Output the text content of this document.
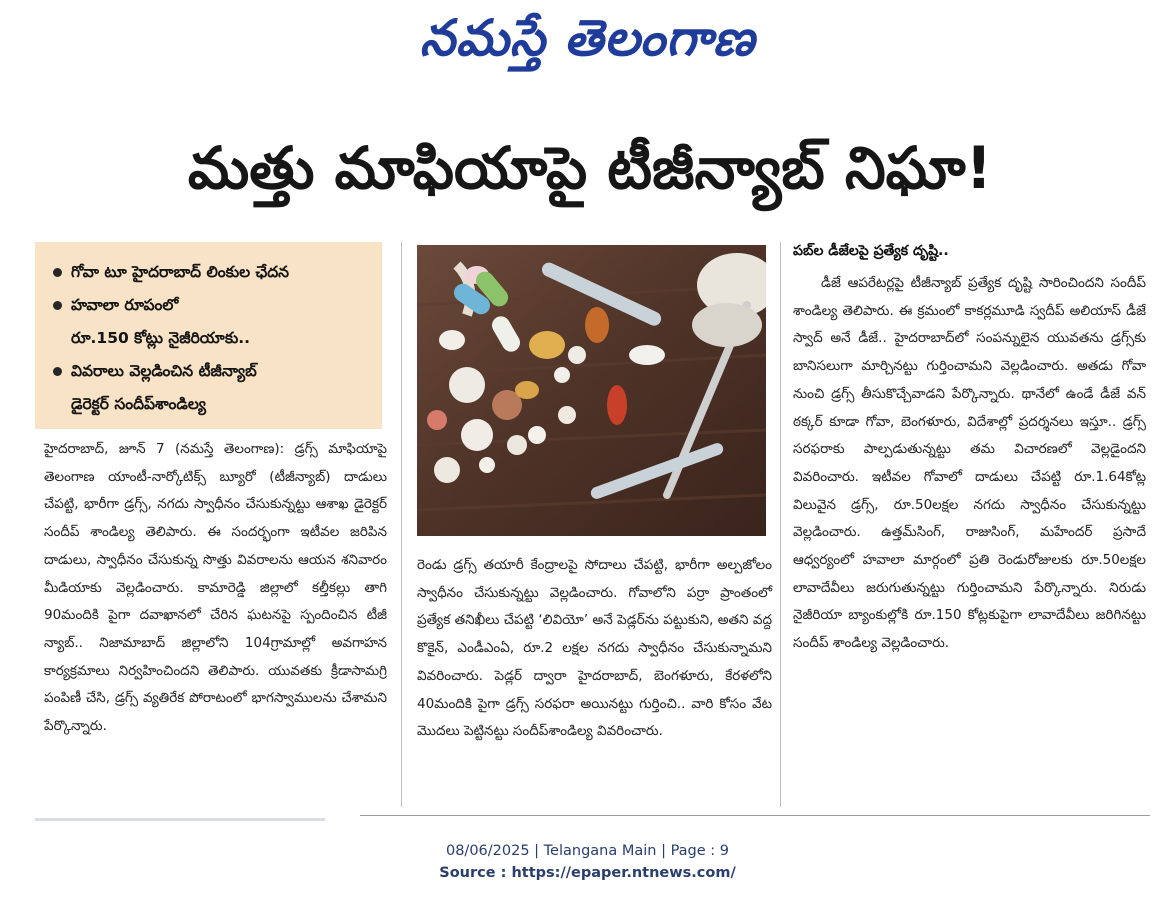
నమస్తే తెలంగాణ
మత్తు మాఫియాపై టీజీన్యాబ్ నిఘా!
గోవా టూ హైదరాబాద్ లింకుల ఛేదన
హవాలా రూపంలో
రూ.150 కోట్లు నైజీరియాకు..
వివరాలు వెల్లడించిన టీజీన్యాబ్
డైరెక్టర్ సందీప్‌శాండిల్య
హైదరాబాద్, జూన్ 7 (నమస్తే తెలంగాణ): డ్రగ్స్ మాఫియాపై తెలంగాణ యాంటీ-నార్కోటిక్స్ బ్యూరో (టీజీన్యాబ్) దాడులు చేపట్టి, భారీగా డ్రగ్స్, నగదు స్వాధీనం చేసుకున్నట్టు ఆశాఖ డైరెక్టర్ సందీప్ శాండిల్య తెలిపారు. ఈ సందర్భంగా ఇటీవల జరిపిన దాడులు, స్వాధీనం చేసుకున్న సొత్తు వివరాలను ఆయన శనివారం మీడియాకు వెల్లడించారు. కామారెడ్డి జిల్లాలో కల్తీకల్లు తాగి 90మందికి పైగా దవాఖానలో చేరిన ఘటనపై స్పందించిన టీజీ న్యాబ్.. నిజామాబాద్ జిల్లాలోని 104గ్రామాల్లో అవగాహన కార్యక్రమాలు నిర్వహించిందని తెలిపారు. యువతకు క్రీడాసామగ్రి పంపిణీ చేసి, డ్రగ్స్ వ్యతిరేక పోరాటంలో భాగస్వాములను చేశామని పేర్కొన్నారు.
రెండు డ్రగ్స్ తయారీ కేంద్రాలపై సోదాలు చేపట్టి, భారీగా అల్పజోలం స్వాధీనం చేసుకున్నట్టు వెల్లడించారు. గోవాలోని పర్రా ప్రాంతంలో ప్రత్యేక తనిఖీలు చేపట్టి ‘లివియో’ అనే పెడ్లర్‌ను పట్టుకుని, అతని వద్ద కొకైన్, ఎండీఎంఏ, రూ.2 లక్షల నగదు స్వాధీనం చేసుకున్నామని వివరించారు. పెడ్లర్ ద్వారా హైదరాబాద్, బెంగళూరు, కేరళలోని 40మందికి పైగా డ్రగ్స్ సరఫరా అయినట్టు గుర్తించి.. వారి కోసం వేట మొదలు పెట్టినట్టు సందీప్‌శాండిల్య వివరించారు.
పబ్‌ల డీజేలపై ప్రత్యేక దృష్టి..
డీజే ఆపరేటర్లపై టీజీన్యాబ్ ప్రత్యేక దృష్టి సారించిందని సందీప్ శాండిల్య తెలిపారు. ఈ క్రమంలో కాకర్లమూడి స్వదీప్ అలియాస్ డీజే స్వాద్ అనే డీజే.. హైదరాబాద్‌లో సంపన్నులైన యువతను డ్రగ్స్‌కు బానిసలుగా మార్చినట్టు గుర్తించామని వెల్లడించారు. అతడు గోవా నుంచి డ్రగ్స్ తీసుకొచ్చేవాడని పేర్కొన్నారు. థానేలో ఉండే డీజే వన్ ఠక్కర్ కూడా గోవా, బెంగళూరు, విదేశాల్లో ప్రదర్శనలు ఇస్తూ.. డ్రగ్స్ సరఫరాకు పాల్పడుతున్నట్టు తమ విచారణలో వెల్లడైందని వివరించారు. ఇటీవల గోవాలో దాడులు చేపట్టి రూ.1.64కోట్ల విలువైన డ్రగ్స్, రూ.50లక్షల నగదు స్వాధీనం చేసుకున్నట్టు వెల్లడించారు. ఉత్తమ్‌సింగ్, రాజుసింగ్, మహేందర్ ప్రసాదే ఆధ్వర్యంలో హవాలా మార్గంలో ప్రతి రెండురోజులకు రూ.50లక్షల లావాదేవీలు జరుగుతున్నట్టు గుర్తించామని పేర్కొన్నారు. నిరుడు నైజీరియా బ్యాంకుల్లోకి రూ.150 కోట్లకుపైగా లావాదేవీలు జరిగినట్టు సందీప్ శాండిల్య వెల్లడించారు.
08/06/2025 | Telangana Main | Page : 9
Source : https://epaper.ntnews.com/
